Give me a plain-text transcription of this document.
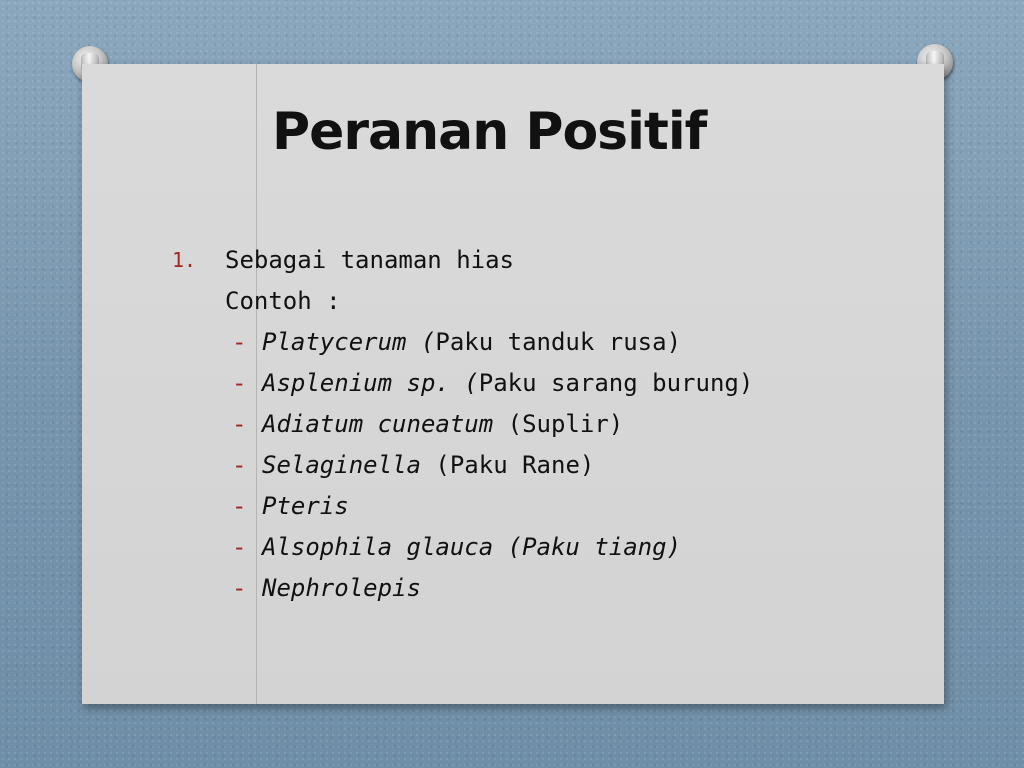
Peranan Positif
1. Sebagai tanaman hias
Contoh :
- Platycerum (Paku tanduk rusa)
- Asplenium sp. (Paku sarang burung)
- Adiatum cuneatum (Suplir)
- Selaginella (Paku Rane)
- Pteris
- Alsophila glauca (Paku tiang)
- Nephrolepis
